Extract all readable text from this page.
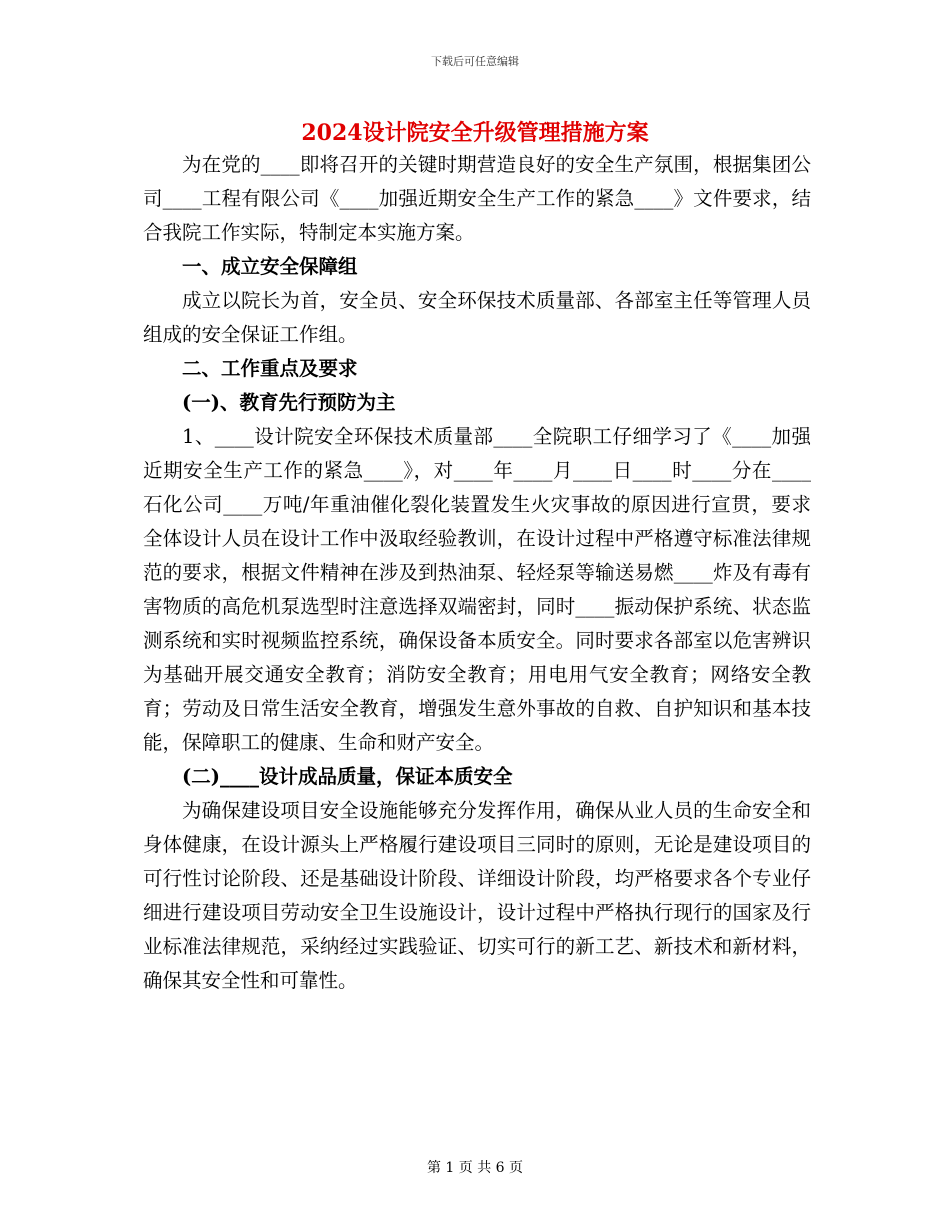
下载后可任意编辑
2024设计院安全升级管理措施方案

为在党的____即将召开的关键时期营造良好的安全生产氛围，根据集团公司____工程有限公司《____加强近期安全生产工作的紧急____》文件要求，结合我院工作实际，特制定本实施方案。

一、成立安全保障组

成立以院长为首，安全员、安全环保技术质量部、各部室主任等管理人员组成的安全保证工作组。

二、工作重点及要求

(一)、教育先行预防为主

1、____设计院安全环保技术质量部____全院职工仔细学习了《____加强近期安全生产工作的紧急____》，对____年____月____日____时____分在____石化公司____万吨/年重油催化裂化装置发生火灾事故的原因进行宣贯，要求全体设计人员在设计工作中汲取经验教训，在设计过程中严格遵守标准法律规范的要求，根据文件精神在涉及到热油泵、轻烃泵等输送易燃____炸及有毒有害物质的高危机泵选型时注意选择双端密封，同时____振动保护系统、状态监测系统和实时视频监控系统，确保设备本质安全。同时要求各部室以危害辨识为基础开展交通安全教育；消防安全教育；用电用气安全教育；网络安全教育；劳动及日常生活安全教育，增强发生意外事故的自救、自护知识和基本技能，保障职工的健康、生命和财产安全。

(二)____设计成品质量，保证本质安全

为确保建设项目安全设施能够充分发挥作用，确保从业人员的生命安全和身体健康，在设计源头上严格履行建设项目三同时的原则，无论是建设项目的可行性讨论阶段、还是基础设计阶段、详细设计阶段，均严格要求各个专业仔细进行建设项目劳动安全卫生设施设计，设计过程中严格执行现行的国家及行业标准法律规范，采纳经过实践验证、切实可行的新工艺、新技术和新材料，确保其安全性和可靠性。

第 1 页 共 6 页
